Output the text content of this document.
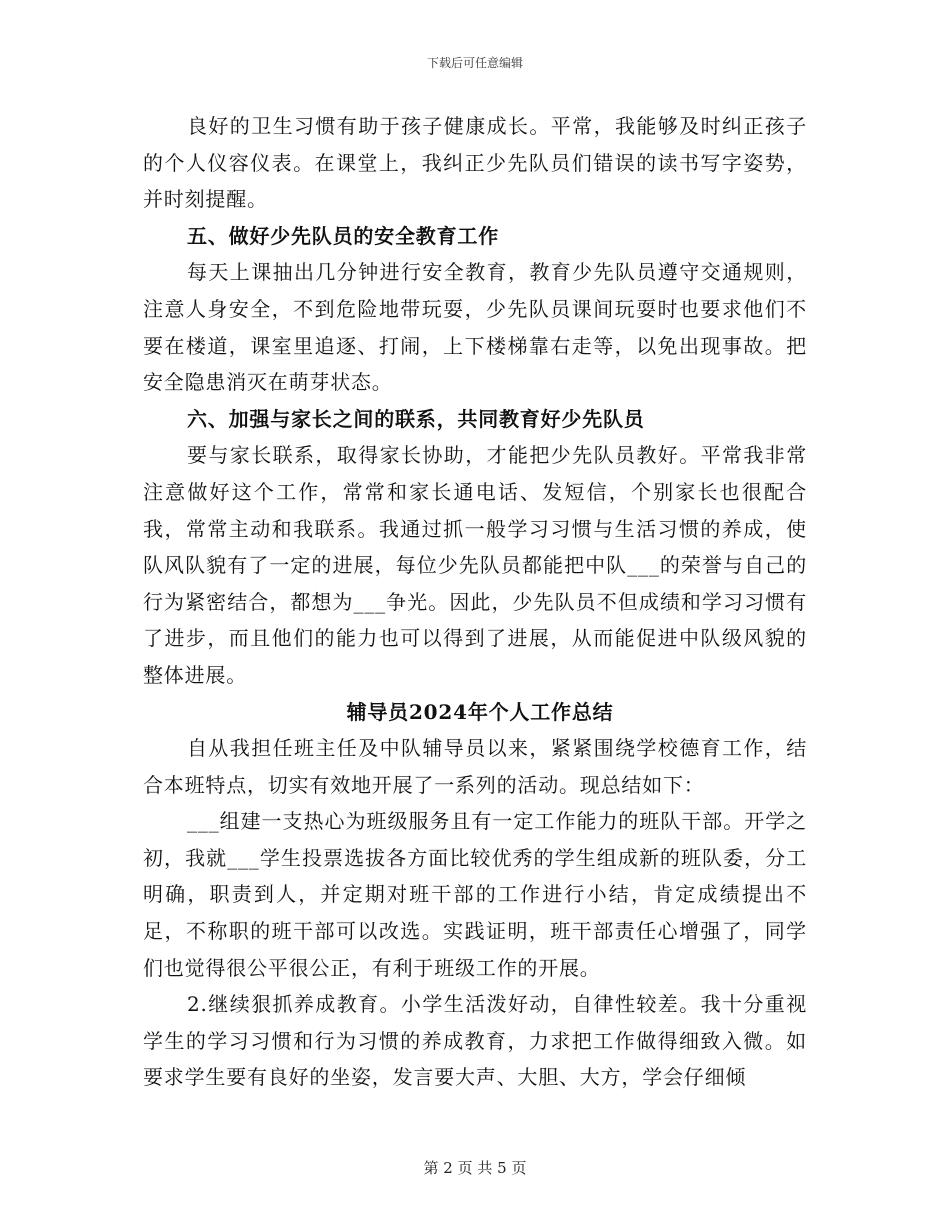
下载后可任意编辑

良好的卫生习惯有助于孩子健康成长。平常，我能够及时纠正孩子的个人仪容仪表。在课堂上，我纠正少先队员们错误的读书写字姿势，并时刻提醒。

五、做好少先队员的安全教育工作

每天上课抽出几分钟进行安全教育，教育少先队员遵守交通规则，注意人身安全，不到危险地带玩耍，少先队员课间玩耍时也要求他们不要在楼道，课室里追逐、打闹，上下楼梯靠右走等，以免出现事故。把安全隐患消灭在萌芽状态。

六、加强与家长之间的联系，共同教育好少先队员

要与家长联系，取得家长协助，才能把少先队员教好。平常我非常注意做好这个工作，常常和家长通电话、发短信，个别家长也很配合我，常常主动和我联系。我通过抓一般学习习惯与生活习惯的养成，使队风队貌有了一定的进展，每位少先队员都能把中队___的荣誉与自己的行为紧密结合，都想为___争光。因此，少先队员不但成绩和学习习惯有了进步，而且他们的能力也可以得到了进展，从而能促进中队级风貌的整体进展。

辅导员2024年个人工作总结

自从我担任班主任及中队辅导员以来，紧紧围绕学校德育工作，结合本班特点，切实有效地开展了一系列的活动。现总结如下：

___组建一支热心为班级服务且有一定工作能力的班队干部。开学之初，我就___学生投票选拔各方面比较优秀的学生组成新的班队委，分工明确，职责到人，并定期对班干部的工作进行小结，肯定成绩提出不足，不称职的班干部可以改选。实践证明，班干部责任心增强了，同学们也觉得很公平很公正，有利于班级工作的开展。

2.继续狠抓养成教育。小学生活泼好动，自律性较差。我十分重视学生的学习习惯和行为习惯的养成教育，力求把工作做得细致入微。如要求学生要有良好的坐姿，发言要大声、大胆、大方，学会仔细倾

第 2 页 共 5 页
